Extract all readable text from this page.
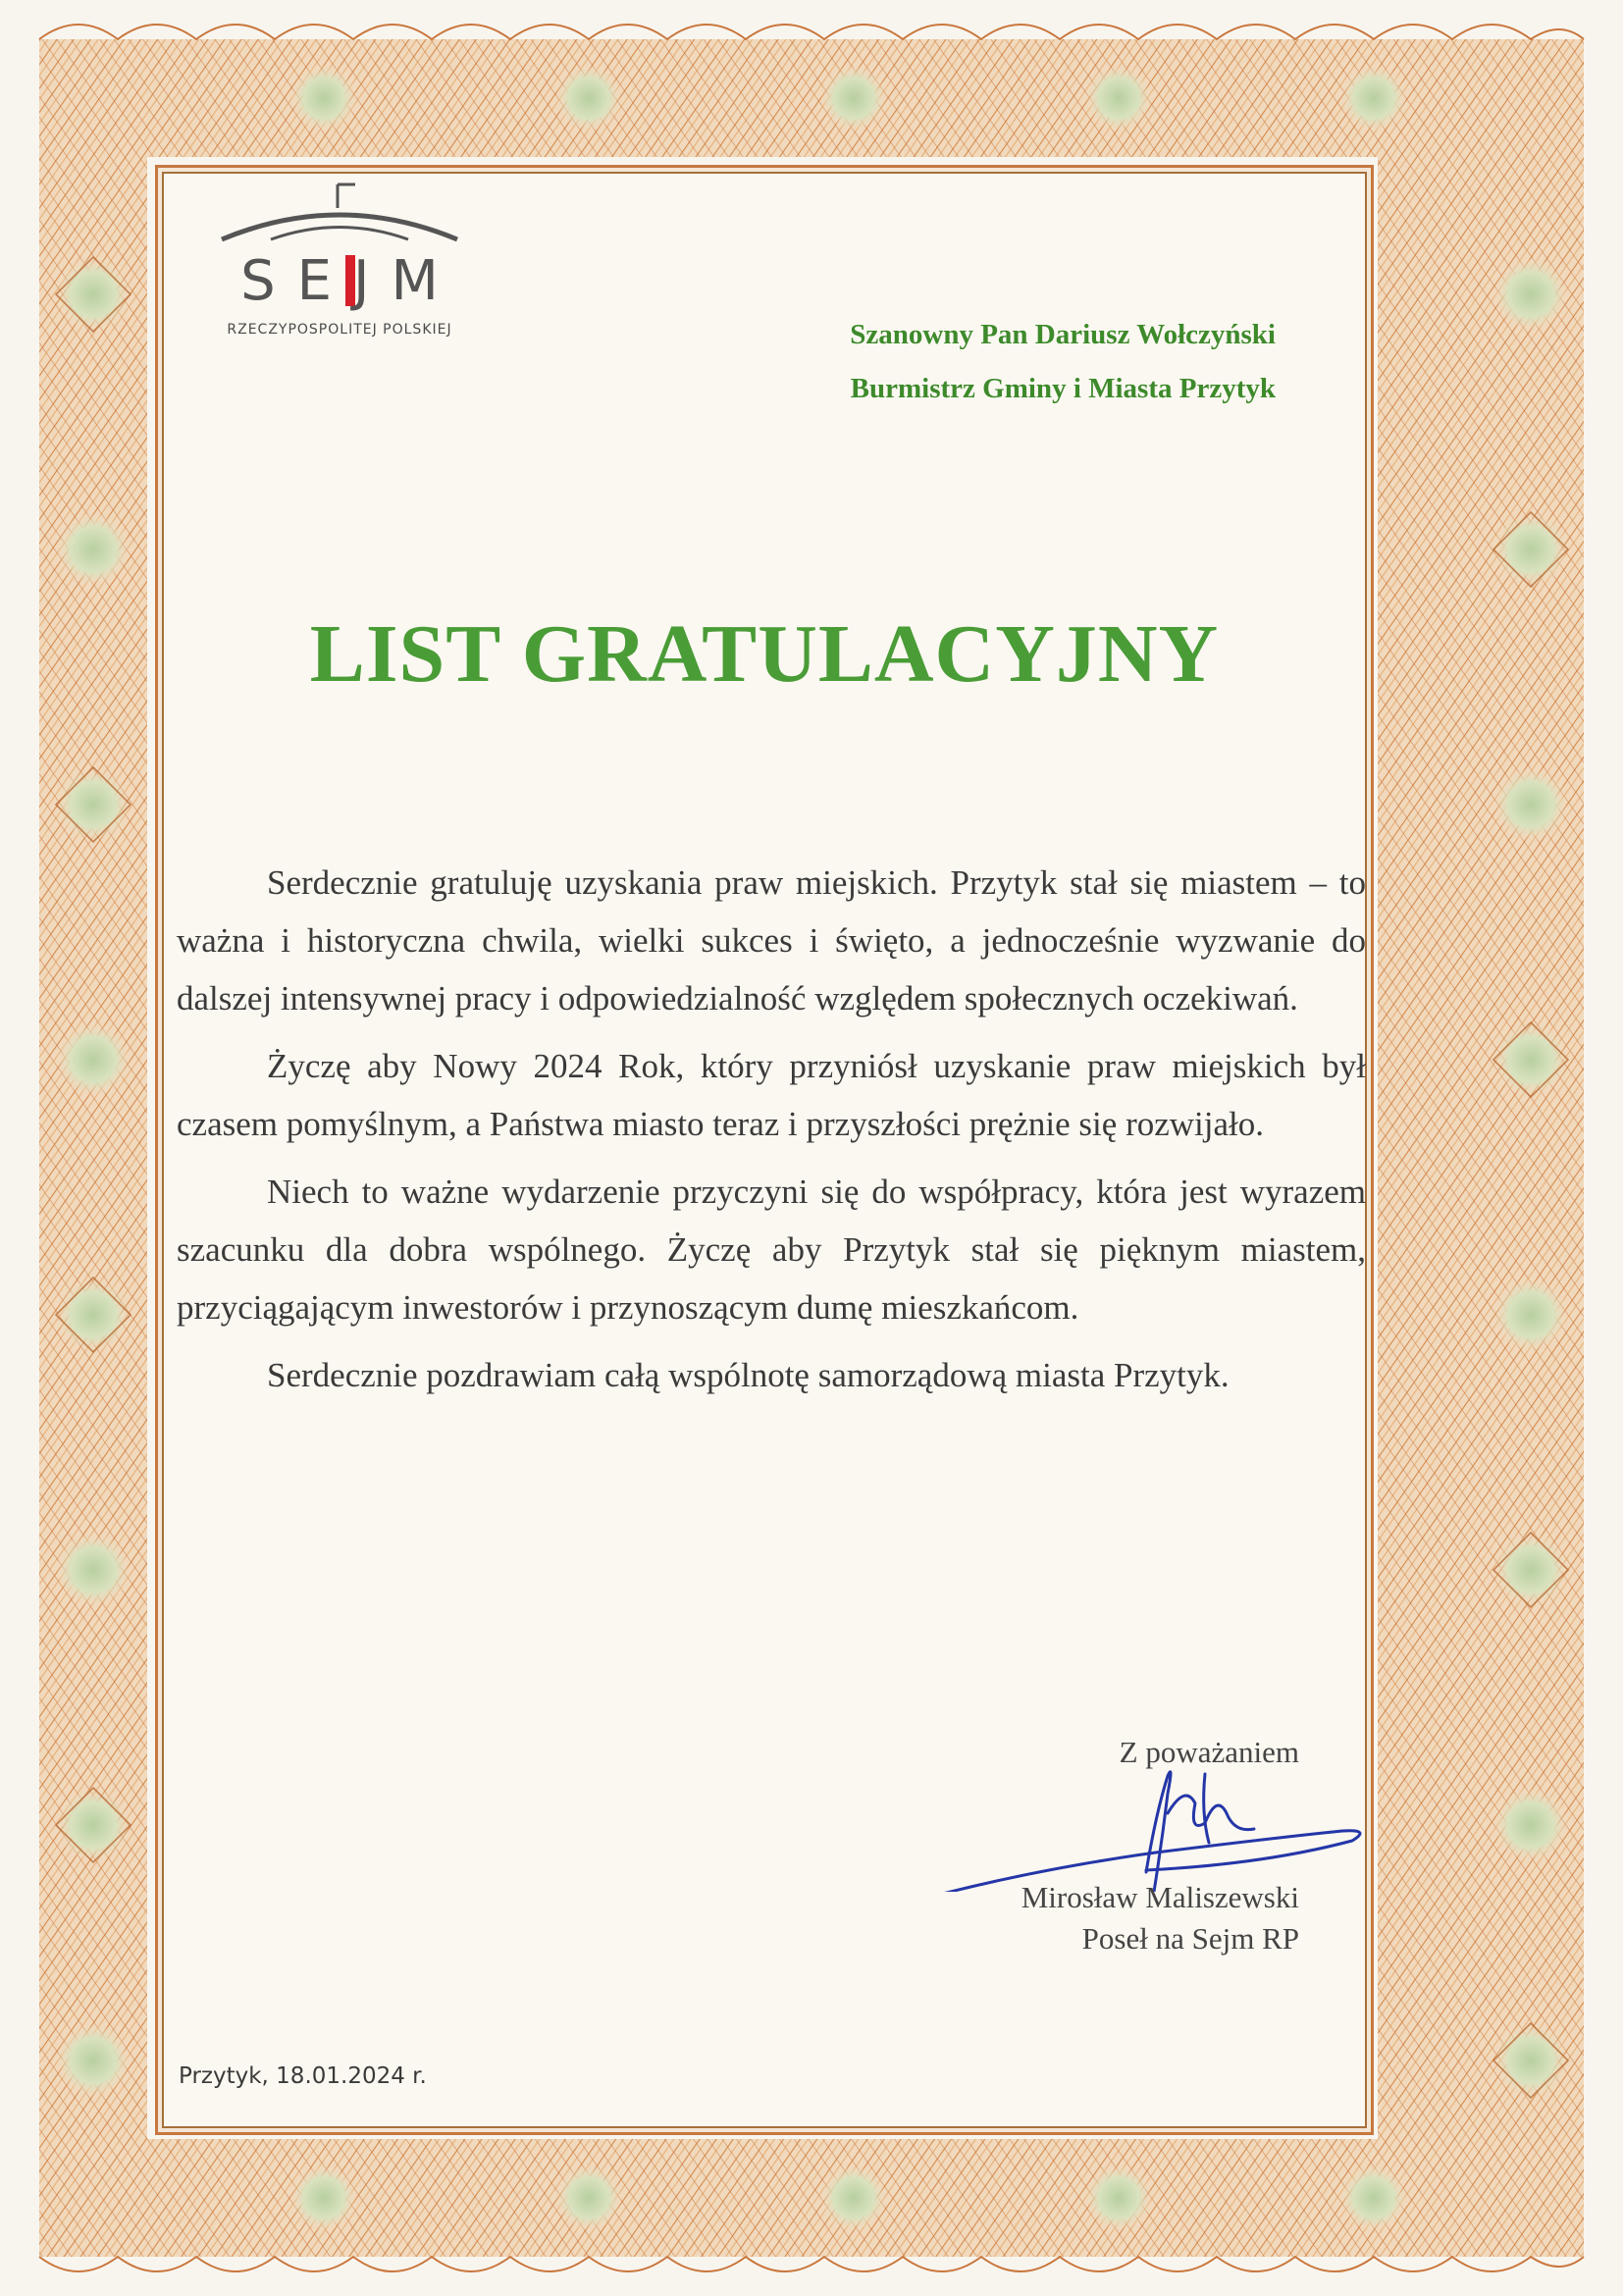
SEJM
RZECZYPOSPOLITEJ POLSKIEJ	Szanowny Pan Dariusz Wołczyński
Burmistrz Gminy i Miasta Przytyk
LIST GRATULACYJNY

Serdecznie gratuluję uzyskania praw miejskich. Przytyk stał się miastem – to ważna i historyczna chwila, wielki sukces i święto, a jednocześnie wyzwanie do dalszej intensywnej pracy i odpowiedzialność względem społecznych oczekiwań.

Życzę aby Nowy 2024 Rok, który przyniósł uzyskanie praw miejskich był czasem pomyślnym, a Państwa miasto teraz i przyszłości prężnie się rozwijało.

Niech to ważne wydarzenie przyczyni się do współpracy, która jest wyrazem szacunku dla dobra wspólnego. Życzę aby Przytyk stał się pięknym miastem, przyciągającym inwestorów i przynoszącym dumę mieszkańcom.

Serdecznie pozdrawiam całą wspólnotę samorządową miasta Przytyk.

Z poważaniem
Mirosław Maliszewski
Poseł na Sejm RP
Przytyk, 18.01.2024 r.
